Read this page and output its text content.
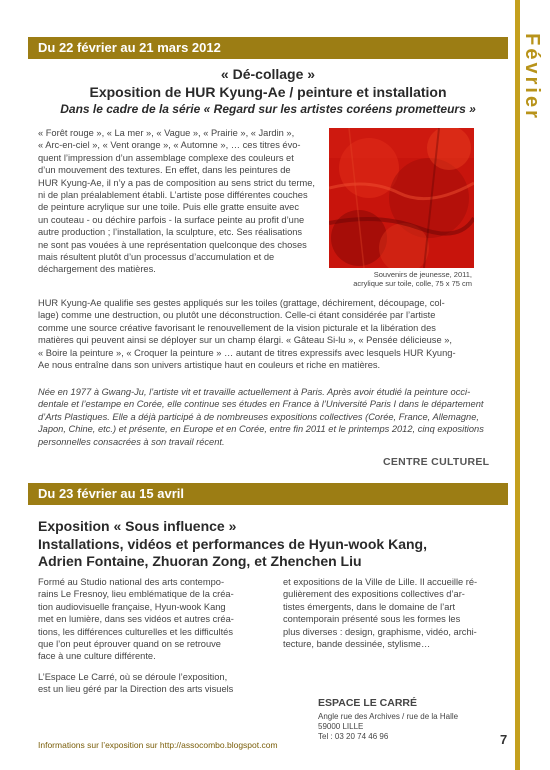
Février
Du 22 février au 21 mars 2012
« Dé-collage »
Exposition de HUR Kyung-Ae / peinture et installation
Dans le cadre de la série « Regard sur les artistes coréens prometteurs »
« Forêt rouge », « La mer », « Vague », « Prairie », « Jardin »,
« Arc-en-ciel », « Vent orange », « Automne », … ces titres évo-
quent l’impression d’un assemblage complexe des couleurs et
d’un mouvement des textures. En effet, dans les peintures de
HUR Kyung-Ae, il n’y a pas de composition au sens strict du terme,
ni de plan préalablement établi. L’artiste pose différentes couches
de peinture acrylique sur une toile. Puis elle gratte ensuite avec
un couteau - ou déchire parfois - la surface peinte au profit d’une
autre production ; l’installation, la sculpture, etc. Ses réalisations
ne sont pas vouées à une représentation quelconque des choses
mais résultent plutôt d’un processus d’accumulation et de
déchargement des matières.
Souvenirs de jeunesse, 2011,
acrylique sur toile, colle, 75 x 75 cm
HUR Kyung-Ae qualifie ses gestes appliqués sur les toiles (grattage, déchirement, découpage, col-
lage) comme une destruction, ou plutôt une déconstruction. Celle-ci étant considérée par l’artiste
comme une source créative favorisant le renouvellement de la vision picturale et la libération des
matières qui peuvent ainsi se déployer sur un champ élargi. « Gâteau Si-lu », « Pensée délicieuse »,
« Boire la peinture », « Croquer la peinture » … autant de titres expressifs avec lesquels HUR Kyung-
Ae nous entraîne dans son univers artistique haut en couleurs et riche en matières.
Née en 1977 à Gwang-Ju, l’artiste vit et travaille actuellement à Paris. Après avoir étudié la peinture occi-
dentale et l’estampe en Corée, elle continue ses études en France à l’Université Paris I dans le département
d’Arts Plastiques. Elle a déjà participé à de nombreuses expositions collectives (Corée, France, Allemagne,
Japon, Chine, etc.) et présente, en Europe et en Corée, entre fin 2011 et le printemps 2012, cinq expositions
personnelles consacrées à son travail récent.
CENTRE CULTUREL
Du 23 février au 15 avril
Exposition « Sous influence »
Installations, vidéos et performances de Hyun-wook Kang,
Adrien Fontaine, Zhuoran Zong, et Zhenchen Liu
Formé au Studio national des arts contempo-
rains Le Fresnoy, lieu emblématique de la créa-
tion audiovisuelle française, Hyun-wook Kang
met en lumière, dans ses vidéos et autres créa-
tions, les différences culturelles et les difficultés
que l’on peut éprouver quand on se retrouve
face à une culture différente.
L’Espace Le Carré, où se déroule l’exposition,
est un lieu géré par la Direction des arts visuels
et expositions de la Ville de Lille. Il accueille ré-
gulièrement des expositions collectives d’ar-
tistes émergents, dans le domaine de l’art
contemporain présenté sous les formes les
plus diverses : design, graphisme, vidéo, archi-
tecture, bande dessinée, stylisme…
ESPACE LE CARRÉ
Angle rue des Archives / rue de la Halle
59000 LILLE
Tel : 03 20 74 46 96
Informations sur l’exposition sur http://assocombo.blogspot.com	7
